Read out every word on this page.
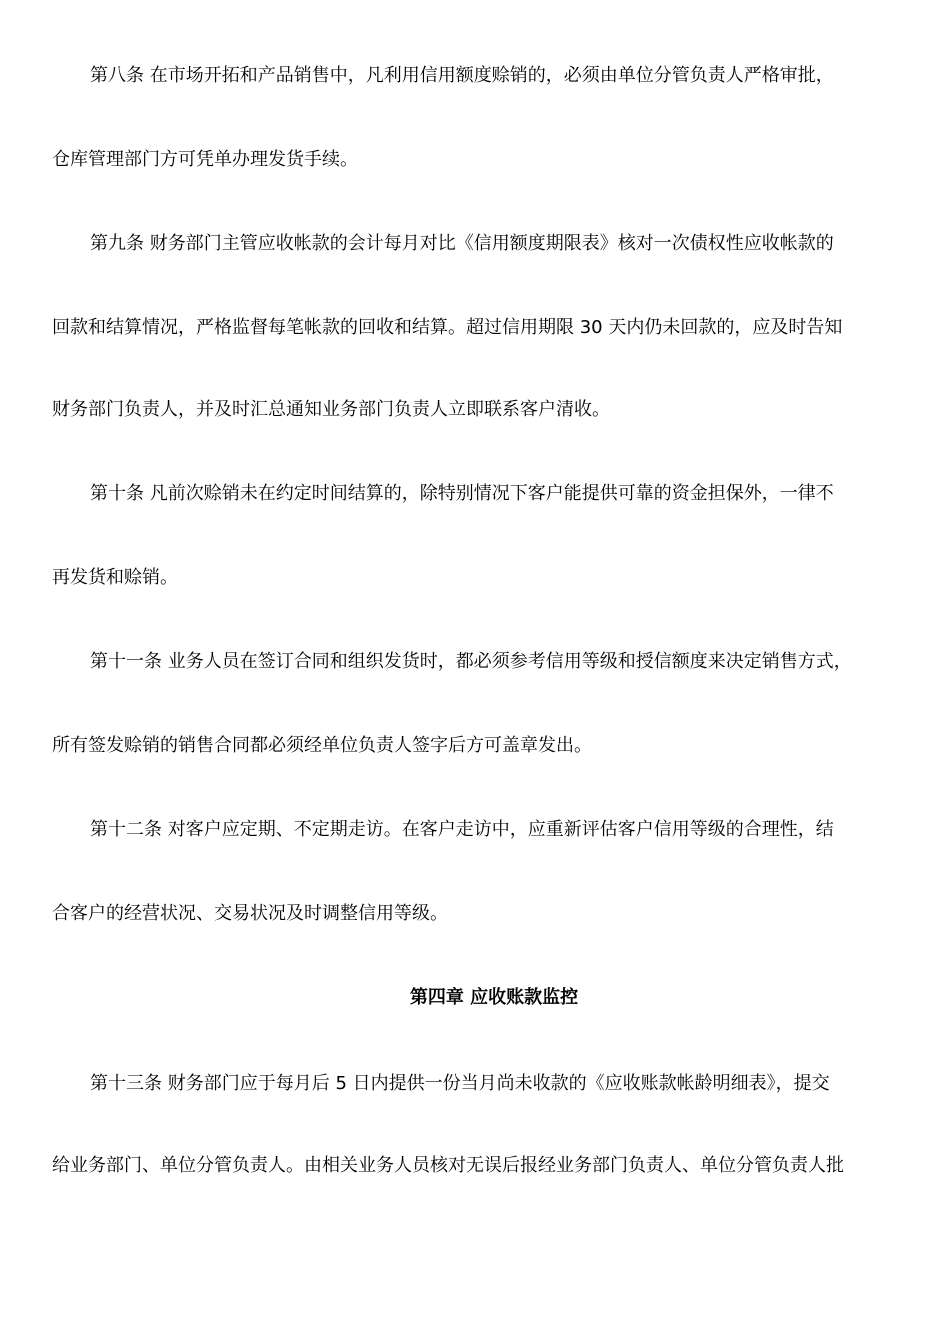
第八条 在市场开拓和产品销售中，凡利用信用额度赊销的，必须由单位分管负责人严格审批，
仓库管理部门方可凭单办理发货手续。
第九条 财务部门主管应收帐款的会计每月对比《信用额度期限表》核对一次债权性应收帐款的
回款和结算情况，严格监督每笔帐款的回收和结算。超过信用期限 30 天内仍未回款的，应及时告知
财务部门负责人，并及时汇总通知业务部门负责人立即联系客户清收。
第十条 凡前次赊销未在约定时间结算的，除特别情况下客户能提供可靠的资金担保外，一律不
再发货和赊销。
第十一条 业务人员在签订合同和组织发货时，都必须参考信用等级和授信额度来决定销售方式，
所有签发赊销的销售合同都必须经单位负责人签字后方可盖章发出。
第十二条 对客户应定期、不定期走访。在客户走访中，应重新评估客户信用等级的合理性，结
合客户的经营状况、交易状况及时调整信用等级。
第四章 应收账款监控
第十三条 财务部门应于每月后 5 日内提供一份当月尚未收款的《应收账款帐龄明细表》，提交
给业务部门、单位分管负责人。由相关业务人员核对无误后报经业务部门负责人、单位分管负责人批
